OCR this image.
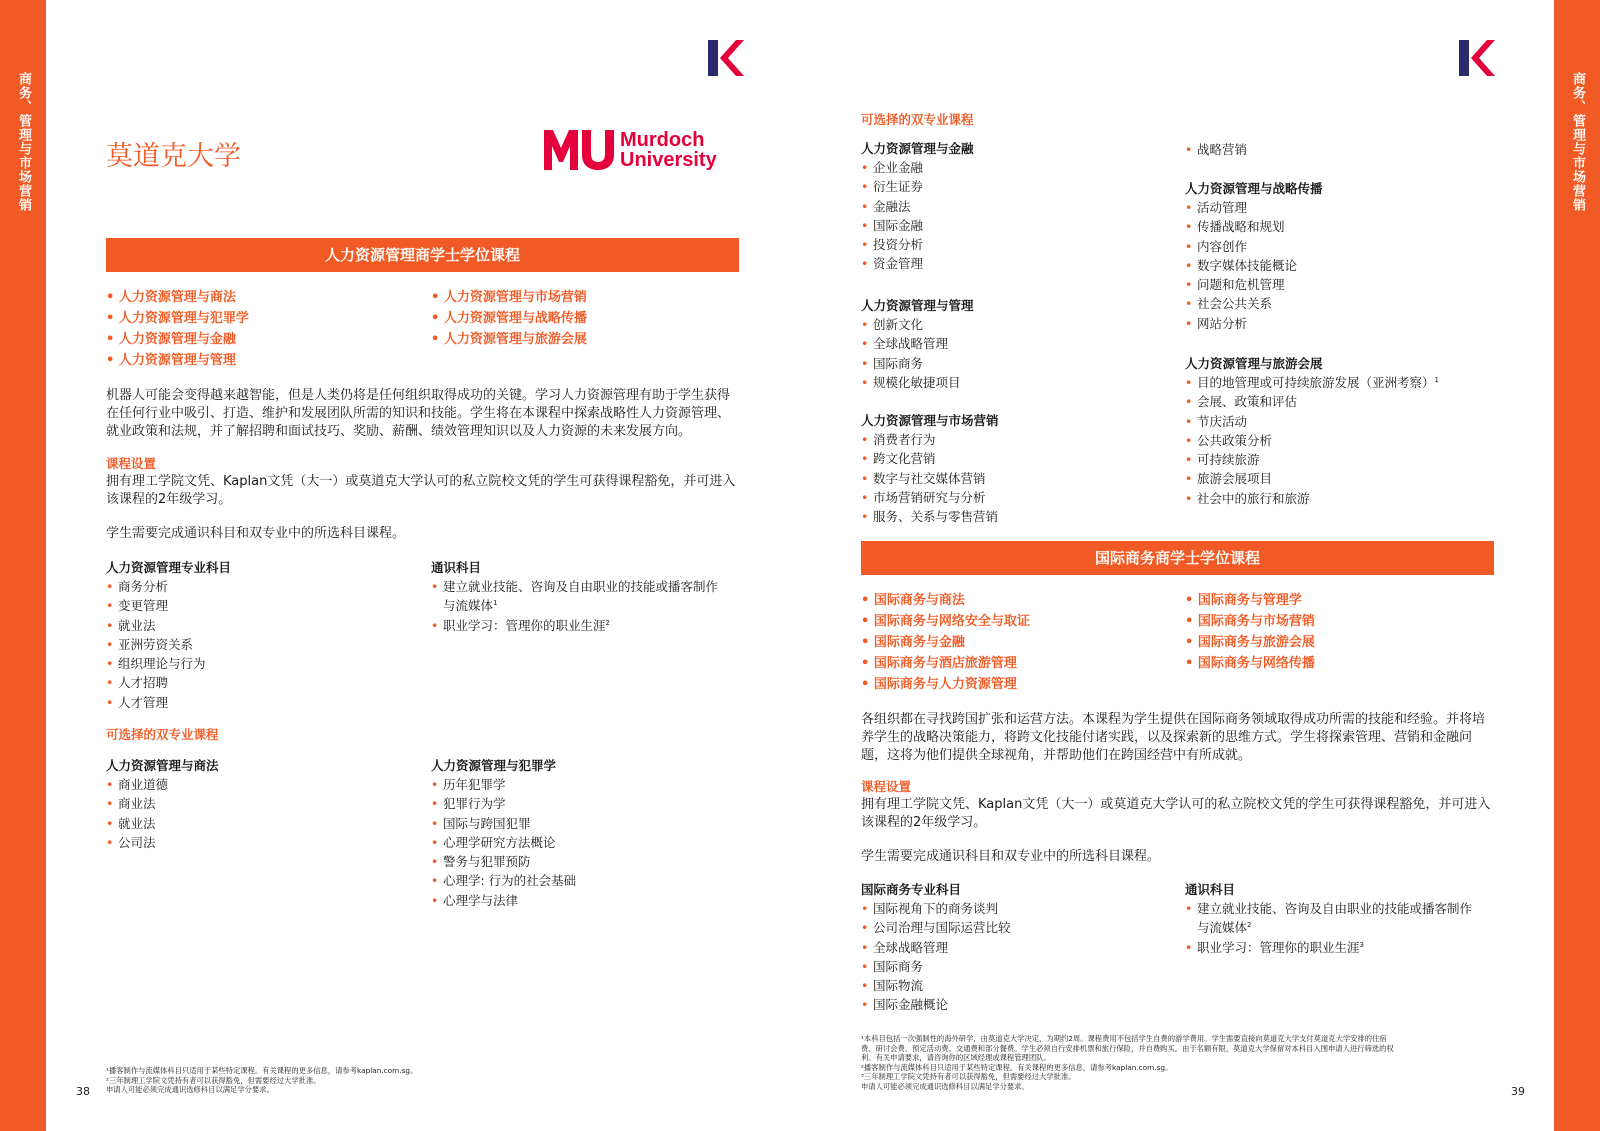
商务、管理与市场营销	商务、管理与市场营销
莫道克大学
Murdoch
University
人力资源管理商学士学位课程
• 人力资源管理与商法
• 人力资源管理与犯罪学
• 人力资源管理与金融
• 人力资源管理与管理
• 人力资源管理与市场营销
• 人力资源管理与战略传播
• 人力资源管理与旅游会展
机器人可能会变得越来越智能，但是人类仍将是任何组织取得成功的关键。学习人力资源管理有助于学生获得在任何行业中吸引、打造、维护和发展团队所需的知识和技能。学生将在本课程中探索战略性人力资源管理、就业政策和法规，并了解招聘和面试技巧、奖励、薪酬、绩效管理知识以及人力资源的未来发展方向。
课程设置
拥有理工学院文凭、Kaplan文凭（大一）或莫道克大学认可的私立院校文凭的学生可获得课程豁免，并可进入该课程的2年级学习。
学生需要完成通识科目和双专业中的所选科目课程。
人力资源管理专业科目
• 商务分析
• 变更管理
• 就业法
• 亚洲劳资关系
• 组织理论与行为
• 人才招聘
• 人才管理
通识科目
• 建立就业技能、咨询及自由职业的技能或播客制作
与流媒体$^1$
• 职业学习：管理你的职业生涯$^2$
可选择的双专业课程
人力资源管理与商法
• 商业道德
• 商业法
• 就业法
• 公司法
人力资源管理与犯罪学
• 历年犯罪学
• 犯罪行为学
• 国际与跨国犯罪
• 心理学研究方法概论
• 警务与犯罪预防
• 心理学: 行为的社会基础
• 心理学与法律
¹播客制作与流媒体科目只适用于某些特定课程。有关课程的更多信息，请参考kaplan.com.sg。
²三年制理工学院文凭持有者可以获得豁免，但需要经过大学批准。
申请人可能必须完成通识选修科目以满足学分要求。
38
可选择的双专业课程
人力资源管理与金融
• 企业金融
• 衍生证券
• 金融法
• 国际金融
• 投资分析
• 资金管理
人力资源管理与管理
• 创新文化
• 全球战略管理
• 国际商务
• 规模化敏捷项目
人力资源管理与市场营销
• 消费者行为
• 跨文化营销
• 数字与社交媒体营销
• 市场营销研究与分析
• 服务、关系与零售营销
• 战略营销
人力资源管理与战略传播
• 活动管理
• 传播战略和规划
• 内容创作
• 数字媒体技能概论
• 问题和危机管理
• 社会公共关系
• 网站分析
人力资源管理与旅游会展
• 目的地管理或可持续旅游发展（亚洲考察）$^1$
• 会展、政策和评估
• 节庆活动
• 公共政策分析
• 可持续旅游
• 旅游会展项目
• 社会中的旅行和旅游
国际商务商学士学位课程
• 国际商务与商法
• 国际商务与网络安全与取证
• 国际商务与金融
• 国际商务与酒店旅游管理
• 国际商务与人力资源管理
• 国际商务与管理学
• 国际商务与市场营销
• 国际商务与旅游会展
• 国际商务与网络传播
各组织都在寻找跨国扩张和运营方法。本课程为学生提供在国际商务领域取得成功所需的技能和经验。并将培养学生的战略决策能力，将跨文化技能付诸实践，以及探索新的思维方式。学生将探索管理、营销和金融问题，这将为他们提供全球视角，并帮助他们在跨国经营中有所成就。
课程设置
拥有理工学院文凭、Kaplan文凭（大一）或莫道克大学认可的私立院校文凭的学生可获得课程豁免，并可进入该课程的2年级学习。
学生需要完成通识科目和双专业中的所选科目课程。
国际商务专业科目
• 国际视角下的商务谈判
• 公司治理与国际运营比较
• 全球战略管理
• 国际商务
• 国际物流
• 国际金融概论
通识科目
• 建立就业技能、咨询及自由职业的技能或播客制作
与流媒体$^2$
• 职业学习：管理你的职业生涯$^3$
¹本科目包括一次强制性的海外研学，由莫道克大学决定，为期约2周。课程费用不包括学生自费的游学费用。学生需要直接向莫道克大学支付莫道克大学安排的住宿
费、研讨会费、预定活动费、交通费和部分餐费。学生必须自行安排机票和旅行保险，并自费购买。由于名额有限，莫道克大学保留对本科目入围申请人进行筛选的权
利。有关申请要求，请咨询你的区域经理或课程管理团队。
²播客制作与流媒体科目只适用于某些特定课程。有关课程的更多信息，请参考kaplan.com.sg。
³三年制理工学院文凭持有者可以获得豁免，但需要经过大学批准。
申请人可能必须完成通识选修科目以满足学分要求。	39
